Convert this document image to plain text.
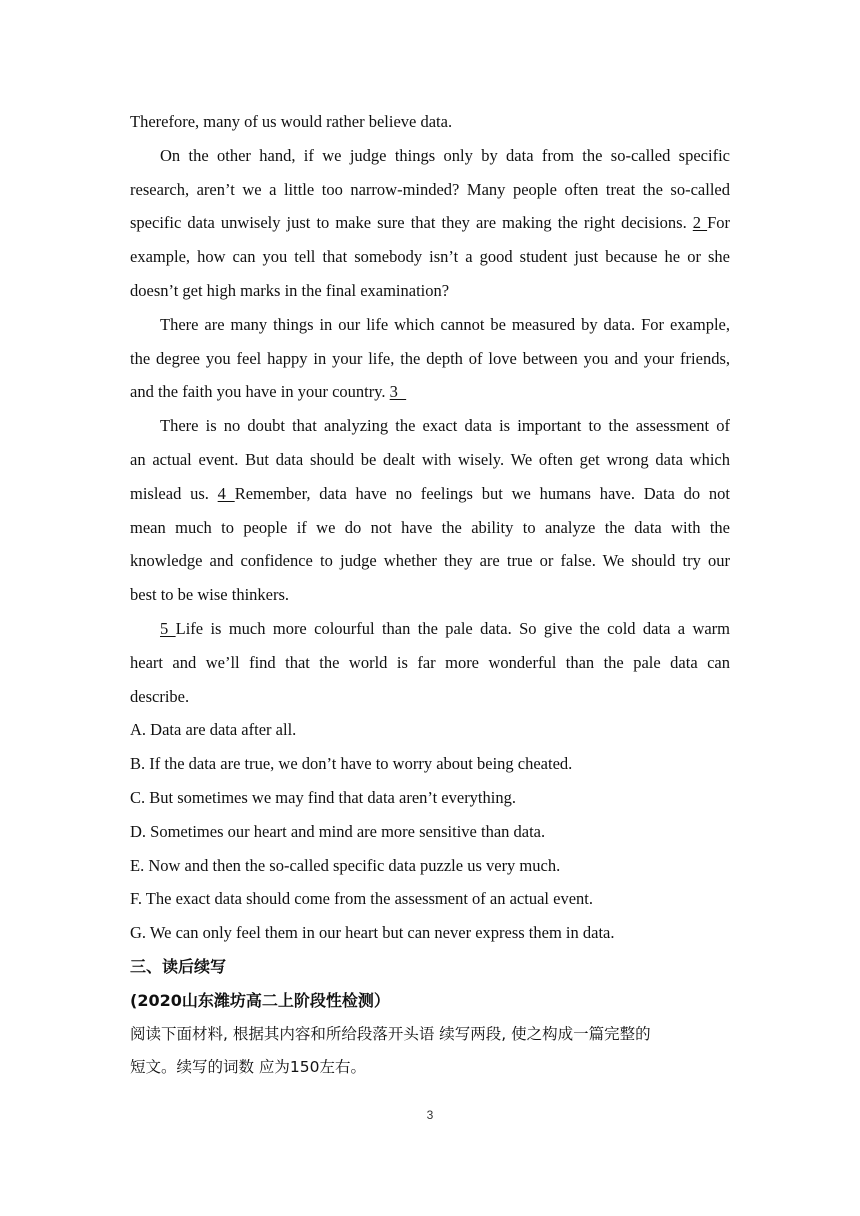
Therefore, many of us would rather believe data.
On the other hand, if we judge things only by data from the so-called specific
research, aren’t we a little too narrow-minded? Many people often treat the so-called
specific data unwisely just to make sure that they are making the right decisions. 2 For
example, how can you tell that somebody isn’t a good student just because he or she
doesn’t get high marks in the final examination?
There are many things in our life which cannot be measured by data. For example,
the degree you feel happy in your life, the depth of love between you and your friends,
and the faith you have in your country. 3
There is no doubt that analyzing the exact data is important to the assessment of
an actual event. But data should be dealt with wisely. We often get wrong data which
mislead us. 4 Remember, data have no feelings but we humans have. Data do not
mean much to people if we do not have the ability to analyze the data with the
knowledge and confidence to judge whether they are true or false. We should try our
best to be wise thinkers.
5 Life is much more colourful than the pale data. So give the cold data a warm
heart and we’ll find that the world is far more wonderful than the pale data can
describe.
A. Data are data after all.
B. If the data are true, we don’t have to worry about being cheated.
C. But sometimes we may find that data aren’t everything.
D. Sometimes our heart and mind are more sensitive than data.
E. Now and then the so-called specific data puzzle us very much.
F. The exact data should come from the assessment of an actual event.
G. We can only feel them in our heart but can never express them in data.
三、读后续写
(2020山东潍坊高二上阶段性检测）
阅读下面材料, 根据其内容和所给段落开头语 续写两段, 使之构成一篇完整的
短文。续写的词数 应为150左右。
3
